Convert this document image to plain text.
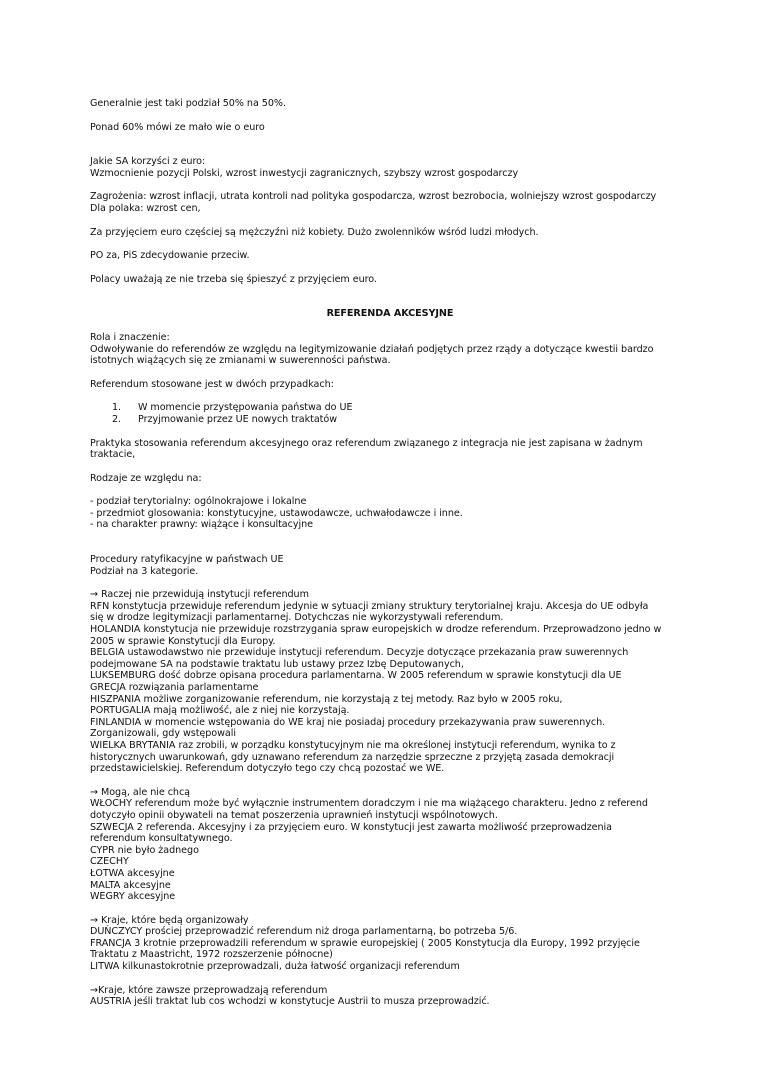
Generalnie jest taki podział 50% na 50%.
Ponad 60% mówi ze mało wie o euro
Jakie SA korzyści z euro:
Wzmocnienie pozycji Polski, wzrost inwestycji zagranicznych, szybszy wzrost gospodarczy
Zagrożenia: wzrost inflacji, utrata kontroli nad polityka gospodarcza, wzrost bezrobocia, wolniejszy wzrost gospodarczy
Dla polaka: wzrost cen,
Za przyjęciem euro częściej są mężczyźni niż kobiety. Dużo zwolenników wśród ludzi młodych.
PO za, PiS zdecydowanie przeciw.
Polacy uważają ze nie trzeba się śpieszyć z przyjęciem euro.
REFERENDA AKCESYJNE
Rola i znaczenie:
Odwoływanie do referendów ze względu na legitymizowanie działań podjętych przez rządy a dotyczące kwestii bardzo
istotnych wiążących się ze zmianami w suwerenności państwa.
Referendum stosowane jest w dwóch przypadkach:
1. W momencie przystępowania państwa do UE
2. Przyjmowanie przez UE nowych traktatów
Praktyka stosowania referendum akcesyjnego oraz referendum związanego z integracja nie jest zapisana w żadnym
traktacie,
Rodzaje ze względu na:
- podział terytorialny: ogólnokrajowe i lokalne
- przedmiot glosowania: konstytucyjne, ustawodawcze, uchwałodawcze i inne.
- na charakter prawny: wiążące i konsultacyjne
Procedury ratyfikacyjne w państwach UE
Podział na 3 kategorie.
→ Raczej nie przewidują instytucji referendum
RFN konstytucja przewiduje referendum jedynie w sytuacji zmiany struktury terytorialnej kraju. Akcesja do UE odbyła
się w drodze legitymizacji parlamentarnej. Dotychczas nie wykorzystywali referendum.
HOLANDIA konstytucja nie przewiduje rozstrzygania spraw europejskich w drodze referendum. Przeprowadzono jedno w
2005 w sprawie Konstytucji dla Europy.
BELGIA ustawodawstwo nie przewiduje instytucji referendum. Decyzje dotyczące przekazania praw suwerennych
podejmowane SA na podstawie traktatu lub ustawy przez Izbę Deputowanych,
LUKSEMBURG dość dobrze opisana procedura parlamentarna. W 2005 referendum w sprawie konstytucji dla UE
GRECJA rozwiązania parlamentarne
HISZPANIA możliwe zorganizowanie referendum, nie korzystają z tej metody. Raz było w 2005 roku,
PORTUGALIA mają możliwość, ale z niej nie korzystają.
FINLANDIA w momencie wstępowania do WE kraj nie posiadaj procedury przekazywania praw suwerennych.
Zorganizowali, gdy wstępowali
WIELKA BRYTANIA raz zrobili, w porządku konstytucyjnym nie ma określonej instytucji referendum, wynika to z
historycznych uwarunkowań, gdy uznawano referendum za narzędzie sprzeczne z przyjętą zasada demokracji
przedstawicielskiej. Referendum dotyczyło tego czy chcą pozostać we WE.
→ Mogą, ale nie chcą
WŁOCHY referendum może być wyłącznie instrumentem doradczym i nie ma wiążącego charakteru. Jedno z referend
dotyczyło opinii obywateli na temat poszerzenia uprawnień instytucji wspólnotowych.
SZWECJA 2 referenda. Akcesyjny i za przyjęciem euro. W konstytucji jest zawarta możliwość przeprowadzenia
referendum konsultatywnego.
CYPR nie było żadnego
CZECHY
ŁOTWA akcesyjne
MALTA akcesyjne
WEGRY akcesyjne
→ Kraje, które będą organizowały
DUŃCZYCY prościej przeprowadzić referendum niż droga parlamentarną, bo potrzeba 5/6.
FRANCJA 3 krotnie przeprowadzili referendum w sprawie europejskiej ( 2005 Konstytucja dla Europy, 1992 przyjęcie
Traktatu z Maastricht, 1972 rozszerzenie północne)
LITWA kilkunastokrotnie przeprowadzali, duża łatwość organizacji referendum
→Kraje, które zawsze przeprowadzają referendum
AUSTRIA jeśli traktat lub cos wchodzi w konstytucje Austrii to musza przeprowadzić.
